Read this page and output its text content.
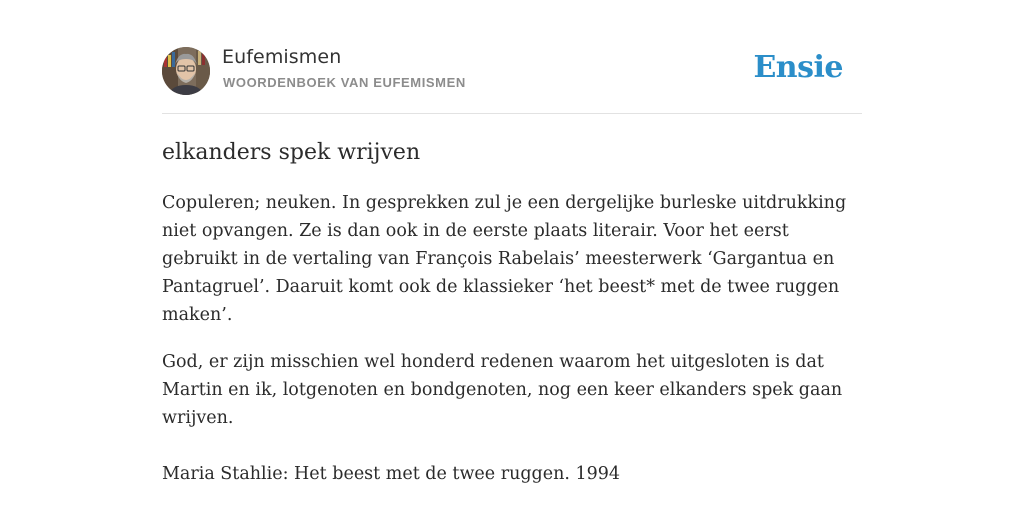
Eufemismen
WOORDENBOEK VAN EUFEMISMEN	Ensie
elkanders spek wrijven

Copuleren; neuken. In gesprekken zul je een dergelijke burleske uitdrukking niet opvangen. Ze is dan ook in de eerste plaats literair. Voor het eerst gebruikt in de vertaling van François Rabelais’ meesterwerk ‘Gargantua en Pantagruel’. Daaruit komt ook de klassieker ‘het beest* met de twee ruggen maken’.

God, er zijn misschien wel honderd redenen waarom het uitgesloten is dat Martin en ik, lotgenoten en bondgenoten, nog een keer elkanders spek gaan wrijven.

Maria Stahlie: Het beest met de twee ruggen. 1994
